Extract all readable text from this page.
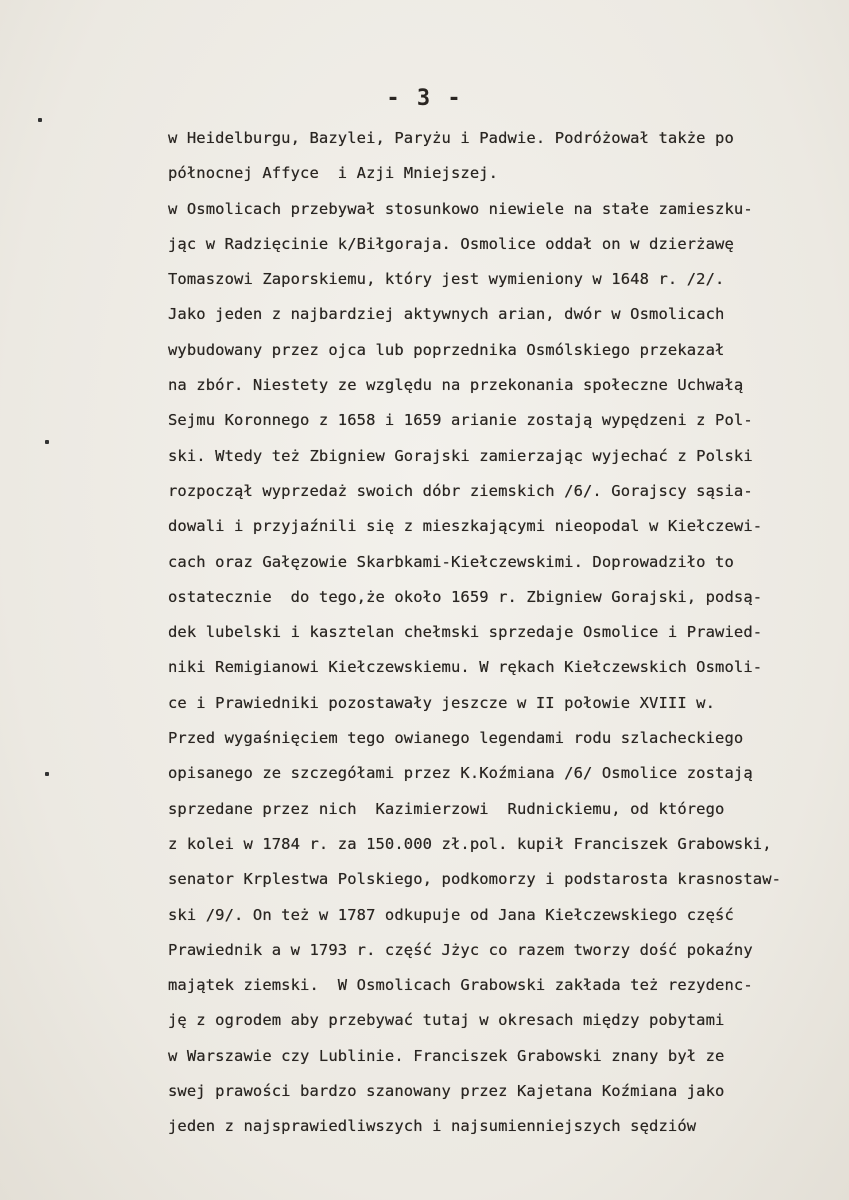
- 3 -
w Heidelburgu, Bazylei, Paryżu i Padwie. Podróżował także po
północnej Affyce  i Azji Mniejszej.
w Osmolicach przebywał stosunkowo niewiele na stałe zamieszku-
jąc w Radzięcinie k/Biłgoraja. Osmolice oddał on w dzierżawę
Tomaszowi Zaporskiemu, który jest wymieniony w 1648 r. /2/.
Jako jeden z najbardziej aktywnych arian, dwór w Osmolicach
wybudowany przez ojca lub poprzednika Osmólskiego przekazał
na zbór. Niestety ze względu na przekonania społeczne Uchwałą
Sejmu Koronnego z 1658 i 1659 arianie zostają wypędzeni z Pol-
ski. Wtedy też Zbigniew Gorajski zamierzając wyjechać z Polski
rozpoczął wyprzedaż swoich dóbr ziemskich /6/. Gorajscy sąsia-
dowali i przyjaźnili się z mieszkającymi nieopodal w Kiełczewi-
cach oraz Gałęzowie Skarbkami-Kiełczewskimi. Doprowadziło to
ostatecznie  do tego,że około 1659 r. Zbigniew Gorajski, podsą-
dek lubelski i kasztelan chełmski sprzedaje Osmolice i Prawied-
niki Remigianowi Kiełczewskiemu. W rękach Kiełczewskich Osmoli-
ce i Prawiedniki pozostawały jeszcze w II połowie XVIII w.
Przed wygaśnięciem tego owianego legendami rodu szlacheckiego
opisanego ze szczegółami przez K.Koźmiana /6/ Osmolice zostają
sprzedane przez nich  Kazimierzowi  Rudnickiemu, od którego
z kolei w 1784 r. za 150.000 zł.pol. kupił Franciszek Grabowski,
senator Krplestwa Polskiego, podkomorzy i podstarosta krasnostaw-
ski /9/. On też w 1787 odkupuje od Jana Kiełczewskiego część
Prawiednik a w 1793 r. część Jżyc co razem tworzy dość pokaźny
majątek ziemski.  W Osmolicach Grabowski zakłada też rezydenc-
ję z ogrodem aby przebywać tutaj w okresach między pobytami
w Warszawie czy Lublinie. Franciszek Grabowski znany był ze
swej prawości bardzo szanowany przez Kajetana Koźmiana jako
jeden z najsprawiedliwszych i najsumienniejszych sędziów
